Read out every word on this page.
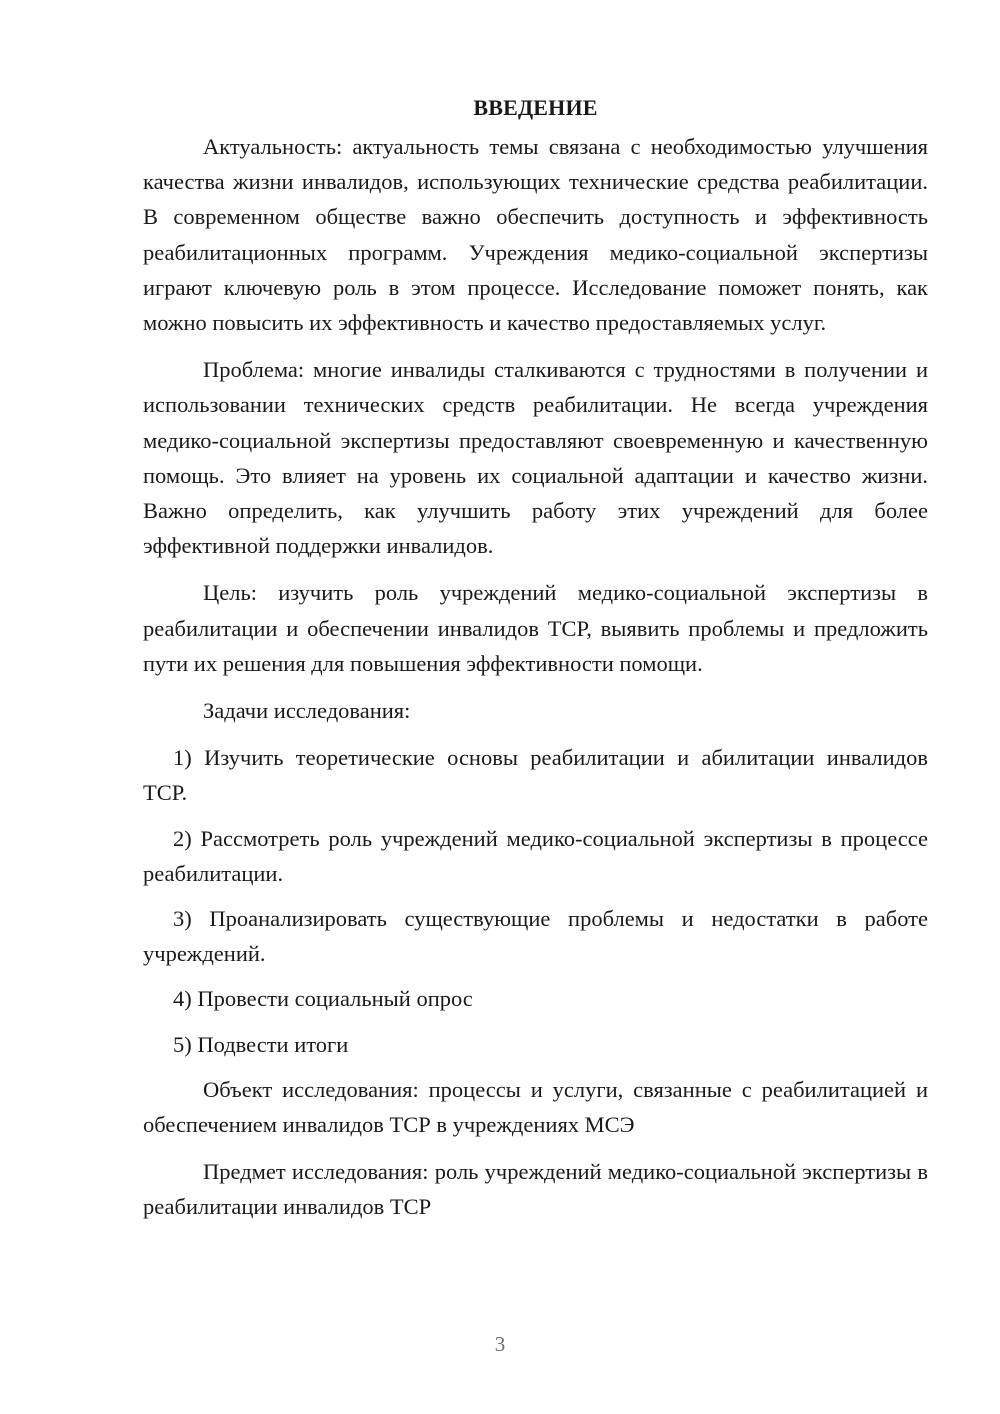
ВВЕДЕНИЕ

Актуальность: актуальность темы связана с необходимостью улучшения качества жизни инвалидов, использующих технические средства реабилитации. В современном обществе важно обеспечить доступность и эффективность реабилитационных программ. Учреждения медико-социальной экспертизы играют ключевую роль в этом процессе. Исследование поможет понять, как можно повысить их эффективность и качество предоставляемых услуг.

Проблема: многие инвалиды сталкиваются с трудностями в получении и использовании технических средств реабилитации. Не всегда учреждения медико-социальной экспертизы предоставляют своевременную и качественную помощь. Это влияет на уровень их социальной адаптации и качество жизни. Важно определить, как улучшить работу этих учреждений для более эффективной поддержки инвалидов.

Цель: изучить роль учреждений медико-социальной экспертизы в реабилитации и обеспечении инвалидов ТСР, выявить проблемы и предложить пути их решения для повышения эффективности помощи.

Задачи исследования:

1) Изучить теоретические основы реабилитации и абилитации инвалидов ТСР.

2) Рассмотреть роль учреждений медико-социальной экспертизы в процессе реабилитации.

3) Проанализировать существующие проблемы и недостатки в работе учреждений.

4) Провести социальный опрос

5) Подвести итоги

Объект исследования: процессы и услуги, связанные с реабилитацией и обеспечением инвалидов ТСР в учреждениях МСЭ

Предмет исследования: роль учреждений медико-социальной экспертизы в реабилитации инвалидов ТСР

3
